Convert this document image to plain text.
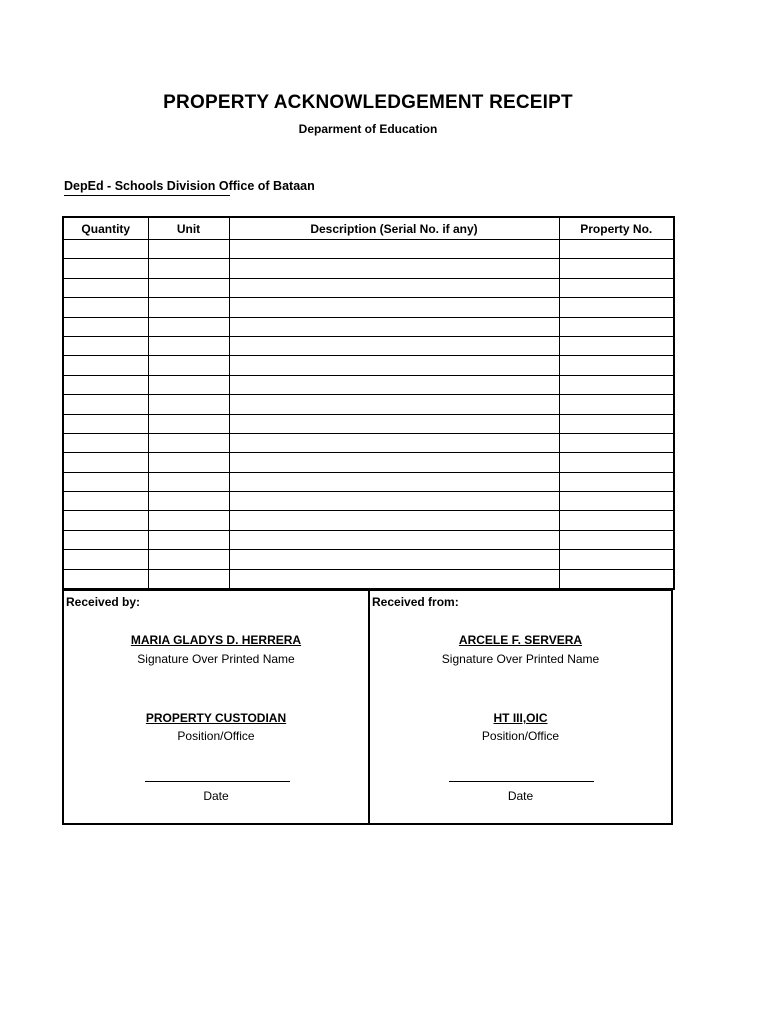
PROPERTY ACKNOWLEDGEMENT RECEIPT
Deparment of Education
DepEd - Schools Division Office of Bataan
Quantity	Unit	Description (Serial No. if any)	Property No.

Received by:
MARIA GLADYS D. HERRERA
Signature Over Printed Name
PROPERTY CUSTODIAN
Position/Office
Date
Received from:
ARCELE F. SERVERA
Signature Over Printed Name
HT III,OIC
Position/Office
Date
